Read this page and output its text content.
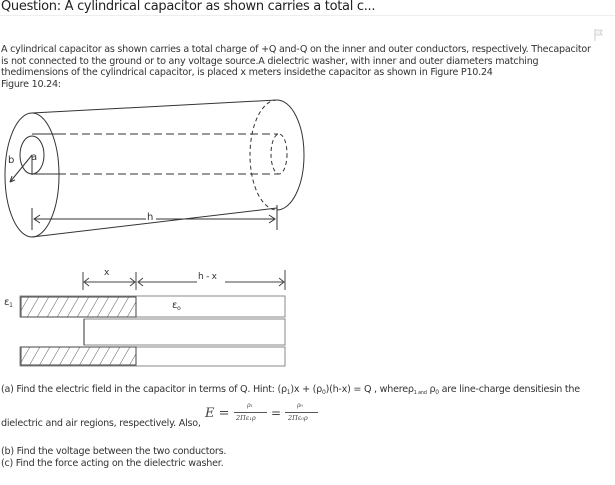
Question: A cylindrical capacitor as shown carries a total c...
A cylindrical capacitor as shown carries a total charge of +Q and-Q on the inner and outer conductors, respectively. Thecapacitor
is not connected to the ground or to any voltage source.A dielectric washer, with inner and outer diameters matching
thedimensions of the cylindrical capacitor, is placed x meters insidethe capacitor as shown in Figure P10.24
Figure 10.24:
b a
h
x	h - x
$\varepsilon_1$	$\varepsilon_o$
(a) Find the electric field in the capacitor in terms of Q. Hint: $(\rho_1)x + (\rho_0)(h-x) = Q$ , whereρ$_{1 and}$ $\rho_0$ are line-charge densitiesin the
dielectric and air regions, respectively. Also,
E =
ρ₁
2Πε₁ρ =
ρ₀
2Πε₀ρ
(b) Find the voltage between the two conductors.
(c) Find the force acting on the dielectric washer.
